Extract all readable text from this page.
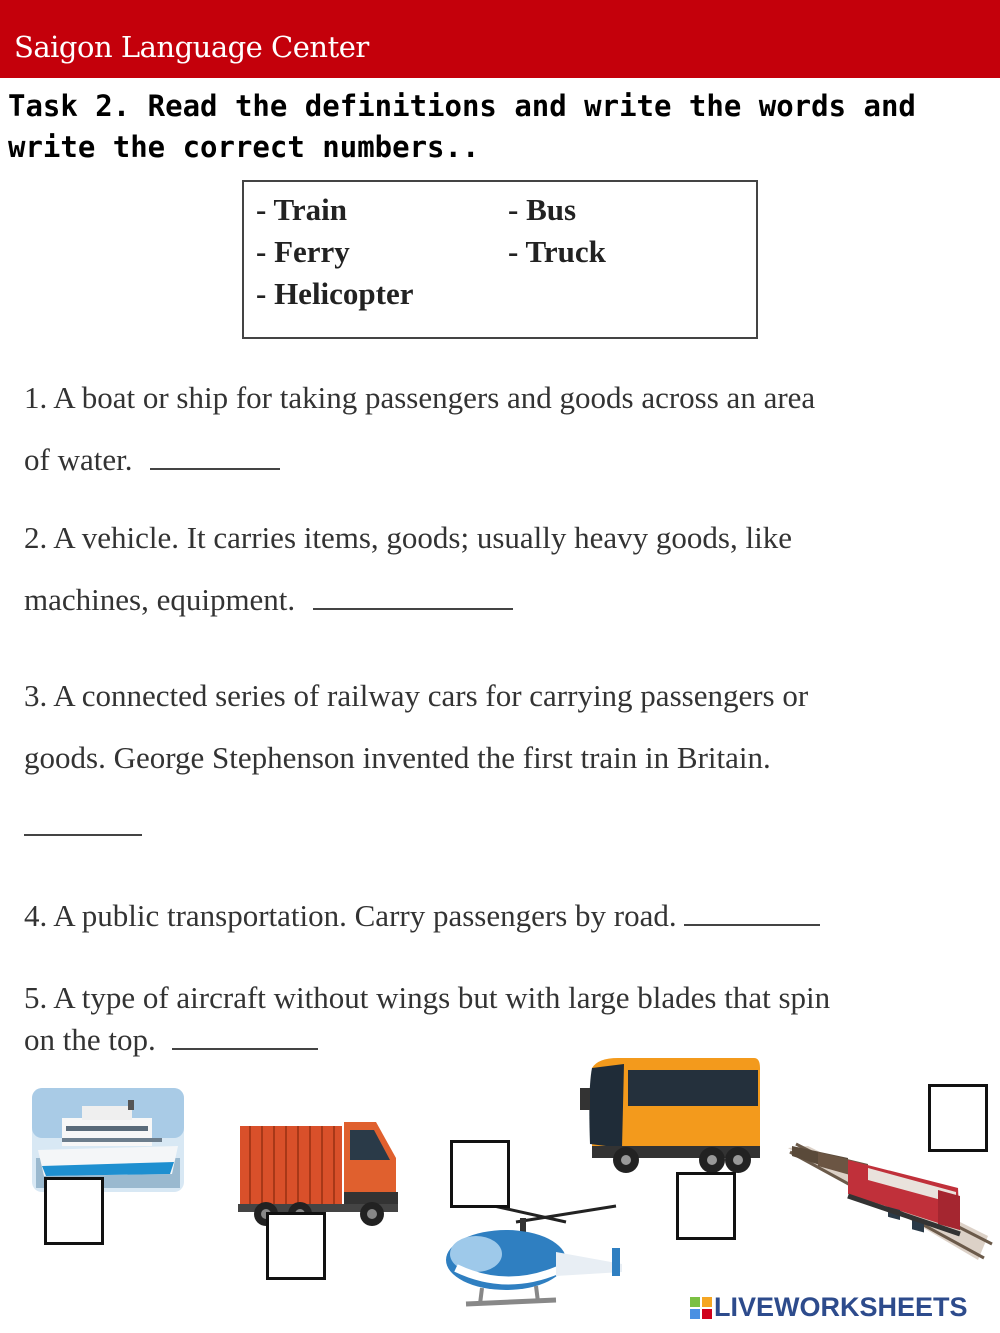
Saigon Language Center
Task 2. Read the definitions and write the words and
write the correct numbers..
- Train	- Bus
- Ferry	- Truck
- Helicopter
1. A boat or ship for taking passengers and goods across an area
of water.
2. A vehicle. It carries items, goods; usually heavy goods, like
machines, equipment.
3. A connected series of railway cars for carrying passengers or
goods. George Stephenson invented the first train in Britain.
4. A public transportation. Carry passengers by road.
5. A type of aircraft without wings but with large blades that spin
on the top.
LIVEWORKSHEETS
